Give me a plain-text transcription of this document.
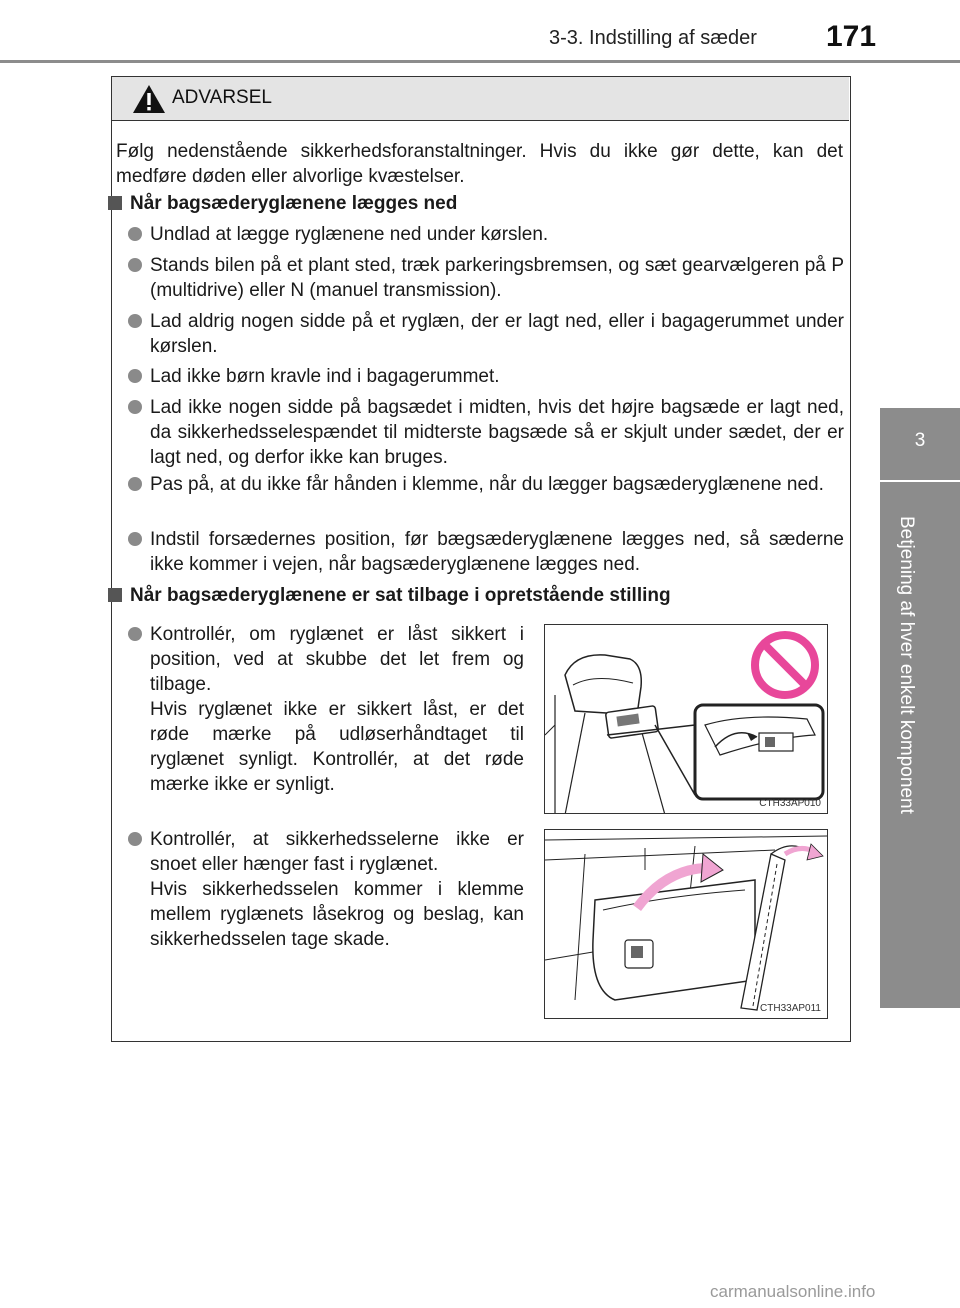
3-3. Indstilling af sæder 171
3
Betjening af hver enkelt komponent
ADVARSEL
Følg nedenstående sikkerhedsforanstaltninger. Hvis du ikke gør dette, kan det medføre døden eller alvorlige kvæstelser.
Når bagsæderyglænene lægges ned
Undlad at lægge ryglænene ned under kørslen.
Stands bilen på et plant sted, træk parkeringsbremsen, og sæt gearvælgeren på P (multidrive) eller N (manuel transmission).
Lad aldrig nogen sidde på et ryglæn, der er lagt ned, eller i bagagerummet under kørslen.
Lad ikke børn kravle ind i bagagerummet.
Lad ikke nogen sidde på bagsædet i midten, hvis det højre bagsæde er lagt ned, da sikkerhedsselespændet til midterste bagsæde så er skjult under sædet, der er lagt ned, og derfor ikke kan bruges.
Pas på, at du ikke får hånden i klemme, når du lægger bagsæderyglænene ned.
Indstil forsædernes position, før bægsæderyglænene lægges ned, så sæderne ikke kommer i vejen, når bagsæderyglænene lægges ned.
Når bagsæderyglænene er sat tilbage i opretstående stilling
Kontrollér, om ryglænet er låst sikkert i position, ved at skubbe det let frem og tilbage.
Hvis ryglænet ikke er sikkert låst, er det røde mærke på udløserhåndtaget til ryglænet synligt. Kontrollér, at det røde mærke ikke er synligt.
Kontrollér, at sikkerhedsselerne ikke er snoet eller hænger fast i ryglænet.
Hvis sikkerhedsselen kommer i klemme mellem ryglænets låsekrog og beslag, kan sikkerhedsselen tage skade.
CTH33AP010
CTH33AP011
carmanualsonline.info
